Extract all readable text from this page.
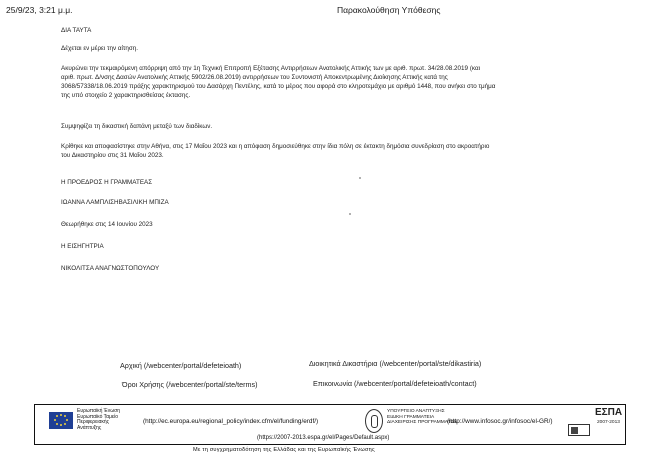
25/9/23, 3:21 μ.μ.	Παρακολούθηση Υπόθεσης
ΔΙΑ ΤΑΥΤΑ
Δέχεται εν μέρει την αίτηση.
Ακυρώνει την τεκμαιρόμενη απόρριψη από την 1η Τεχνική Επιτροπή Εξέτασης Αντιρρήσεων Ανατολικής Αττικής των με αριθ. πρωτ. 34/28.08.2019 (και
αριθ. πρωτ. Δ/νσης Δασών Ανατολικής Αττικής 5902/26.08.2019) αντιρρήσεων του Συντονιστή Αποκεντρωμένης Διοίκησης Αττικής κατά της
3068/57338/18.06.2019 πράξης χαρακτηρισμού του Δασάρχη Πεντέλης, κατά το μέρος που αφορά στο κληροτεμάχιο με αριθμό 1448, που ανήκει στο τμήμα
της υπό στοιχείο 2 χαρακτηρισθείσας έκτασης.
Συμψηφίζει τη δικαστική δαπάνη μεταξύ των διαδίκων.
Κρίθηκε και αποφασίστηκε στην Αθήνα, στις 17 Μαΐου 2023 και η απόφαση δημοσιεύθηκε στην ίδια πόλη σε έκτακτη δημόσια συνεδρίαση στο ακροατήριο
του Δικαστηρίου στις 31 Μαΐου 2023.
Η ΠΡΟΕΔΡΟΣ Η ΓΡΑΜΜΑΤΕΑΣ
ΙΩΑΝΝΑ ΛΑΜΠΛΙΣΗΒΑΣΙΛΙΚΗ ΜΠΙΖΑ
Θεωρήθηκε στις 14 Ιουνίου 2023
Η ΕΙΣΗΓΗΤΡΙΑ
ΝΙΚΟΛΙΤΣΑ ΑΝΑΓΝΩΣΤΟΠΟΥΛΟΥ
Αρχική (/webcenter/portal/defeteioath)	Διοικητικά Δικαστήρια (/webcenter/portal/ste/dikastiria)
Όροι Χρήσης (/webcenter/portal/ste/terms)	Επικοινωνία (/webcenter/portal/defeteioath/contact)
Ευρωπαϊκή Ένωση
Ευρωπαϊκό Ταμείο
Περιφερειακής
Ανάπτυξης
(http://ec.europa.eu/regional_policy/index.cfm/el/funding/erdf/)
ΥΠΟΥΡΓΕΙΟ ΑΝΑΠΤΥΞΗΣ
ΕΙΔΙΚΗ ΓΡΑΜΜΑΤΕΙΑ
ΔΙΑΧΕΙΡΙΣΗΣ ΠΡΟΓΡΑΜΜΑΤΩΝ
(http://www.infosoc.gr/infosoc/el-GR/)
ΕΣΠΑ
2007-2013
(https://2007-2013.espa.gr/el/Pages/Default.aspx)
Με τη συγχρηματοδότηση της Ελλάδας και της Ευρωπαϊκής Ένωσης
